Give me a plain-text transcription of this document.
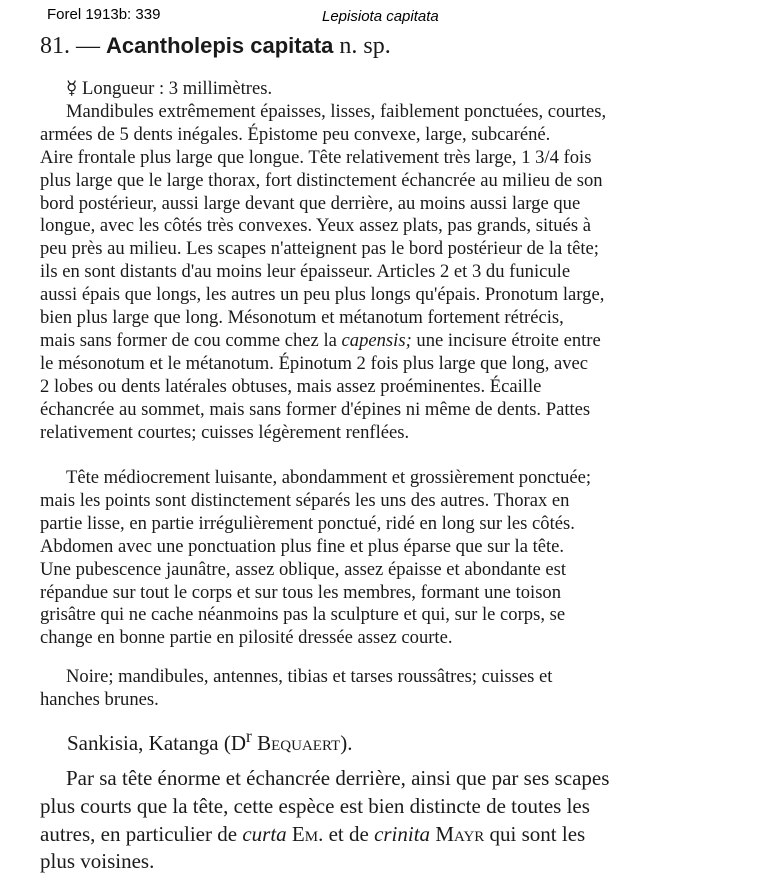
Forel 1913b: 339	Lepisiota capitata
81. — Acantholepis capitata n. sp.
☿ Longueur : 3 millimètres.
Mandibules extrêmement épaisses, lisses, faiblement ponctuées, courtes,
armées de 5 dents inégales. Épistome peu convexe, large, subcaréné.
Aire frontale plus large que longue. Tête relativement très large, 1 3/4 fois
plus large que le large thorax, fort distinctement échancrée au milieu de son
bord postérieur, aussi large devant que derrière, au moins aussi large que
longue, avec les côtés très convexes. Yeux assez plats, pas grands, situés à
peu près au milieu. Les scapes n'atteignent pas le bord postérieur de la tête;
ils en sont distants d'au moins leur épaisseur. Articles 2 et 3 du funicule
aussi épais que longs, les autres un peu plus longs qu'épais. Pronotum large,
bien plus large que long. Mésonotum et métanotum fortement rétrécis,
mais sans former de cou comme chez la capensis; une incisure étroite entre
le mésonotum et le métanotum. Épinotum 2 fois plus large que long, avec
2 lobes ou dents latérales obtuses, mais assez proéminentes. Écaille
échancrée au sommet, mais sans former d'épines ni même de dents. Pattes
relativement courtes; cuisses légèrement renflées.
Tête médiocrement luisante, abondamment et grossièrement ponctuée;
mais les points sont distinctement séparés les uns des autres. Thorax en
partie lisse, en partie irrégulièrement ponctué, ridé en long sur les côtés.
Abdomen avec une ponctuation plus fine et plus éparse que sur la tête.
Une pubescence jaunâtre, assez oblique, assez épaisse et abondante est
répandue sur tout le corps et sur tous les membres, formant une toison
grisâtre qui ne cache néanmoins pas la sculpture et qui, sur le corps, se
change en bonne partie en pilosité dressée assez courte.
Noire; mandibules, antennes, tibias et tarses roussâtres; cuisses et
hanches brunes.
Sankisia, Katanga ($D^r$ Bequaert).
Par sa tête énorme et échancrée derrière, ainsi que par ses scapes
plus courts que la tête, cette espèce est bien distincte de toutes les
autres, en particulier de curta Em. et de crinita Mayr qui sont les
plus voisines.
